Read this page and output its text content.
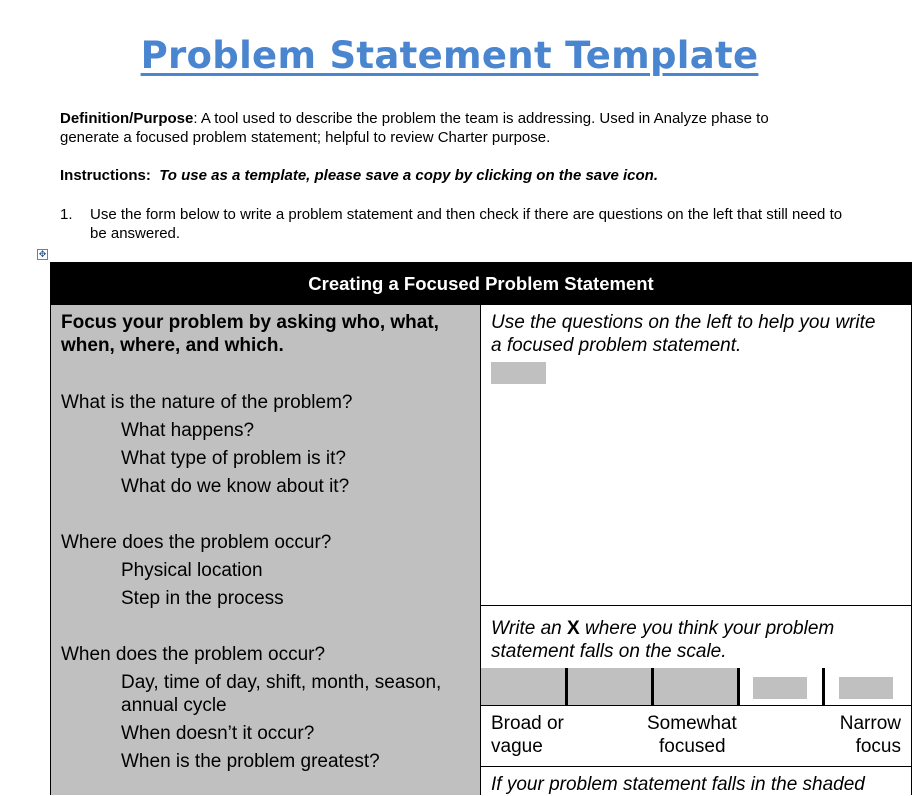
Problem Statement Template
Definition/Purpose: A tool used to describe the problem the team is addressing. Used in Analyze phase to generate a focused problem statement; helpful to review Charter purpose.
Instructions: To use as a template, please save a copy by clicking on the save icon.
1. Use the form below to write a problem statement and then check if there are questions on the left that still need to be answered.
✥
Creating a Focused Problem Statement
Focus your problem by asking who, what,
when, where, and which.
What is the nature of the problem?
What happens?
What type of problem is it?
What do we know about it?
Where does the problem occur?
Physical location
Step in the process
When does the problem occur?
Day, time of day, shift, month, season,
annual cycle
When doesn’t it occur?
When is the problem greatest?
Use the questions on the left to help you write
a focused problem statement.
Write an X where you think your problem
statement falls on the scale.
Broad or
vague
Somewhat
focused
Narrow
focus
If your problem statement falls in the shaded
